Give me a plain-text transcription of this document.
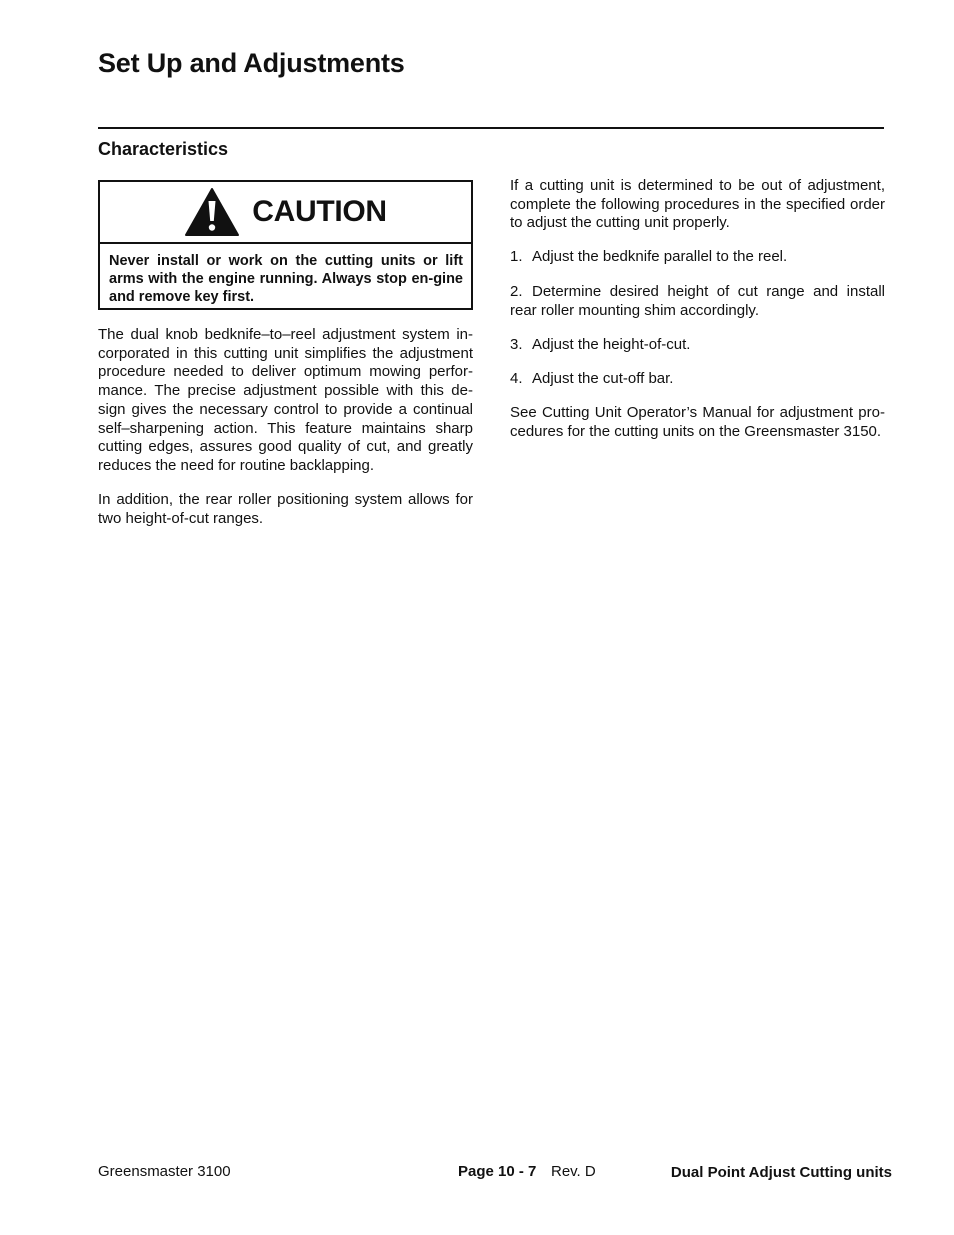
Set Up and Adjustments
Characteristics
CAUTION
Never install or work on the cutting units or lift arms with the engine running. Always stop en-gine and remove key first.

The dual knob bedknife–to–reel adjustment system in-corporated in this cutting unit simplifies the adjustment procedure needed to deliver optimum mowing perfor-mance. The precise adjustment possible with this de-sign gives the necessary control to provide a continual self–sharpening action. This feature maintains sharp cutting edges, assures good quality of cut, and greatly reduces the need for routine backlapping.

In addition, the rear roller positioning system allows for two height-of-cut ranges.

If a cutting unit is determined to be out of adjustment, complete the following procedures in the specified order to adjust the cutting unit properly.

1. Adjust the bedknife parallel to the reel.

2. Determine desired height of cut range and install rear roller mounting shim accordingly.

3. Adjust the height-of-cut.

4. Adjust the cut-off bar.

See Cutting Unit Operator’s Manual for adjustment pro-cedures for the cutting units on the Greensmaster 3150.

Greensmaster 3100	Page 10 - 7 Rev. D	Dual Point Adjust Cutting units
